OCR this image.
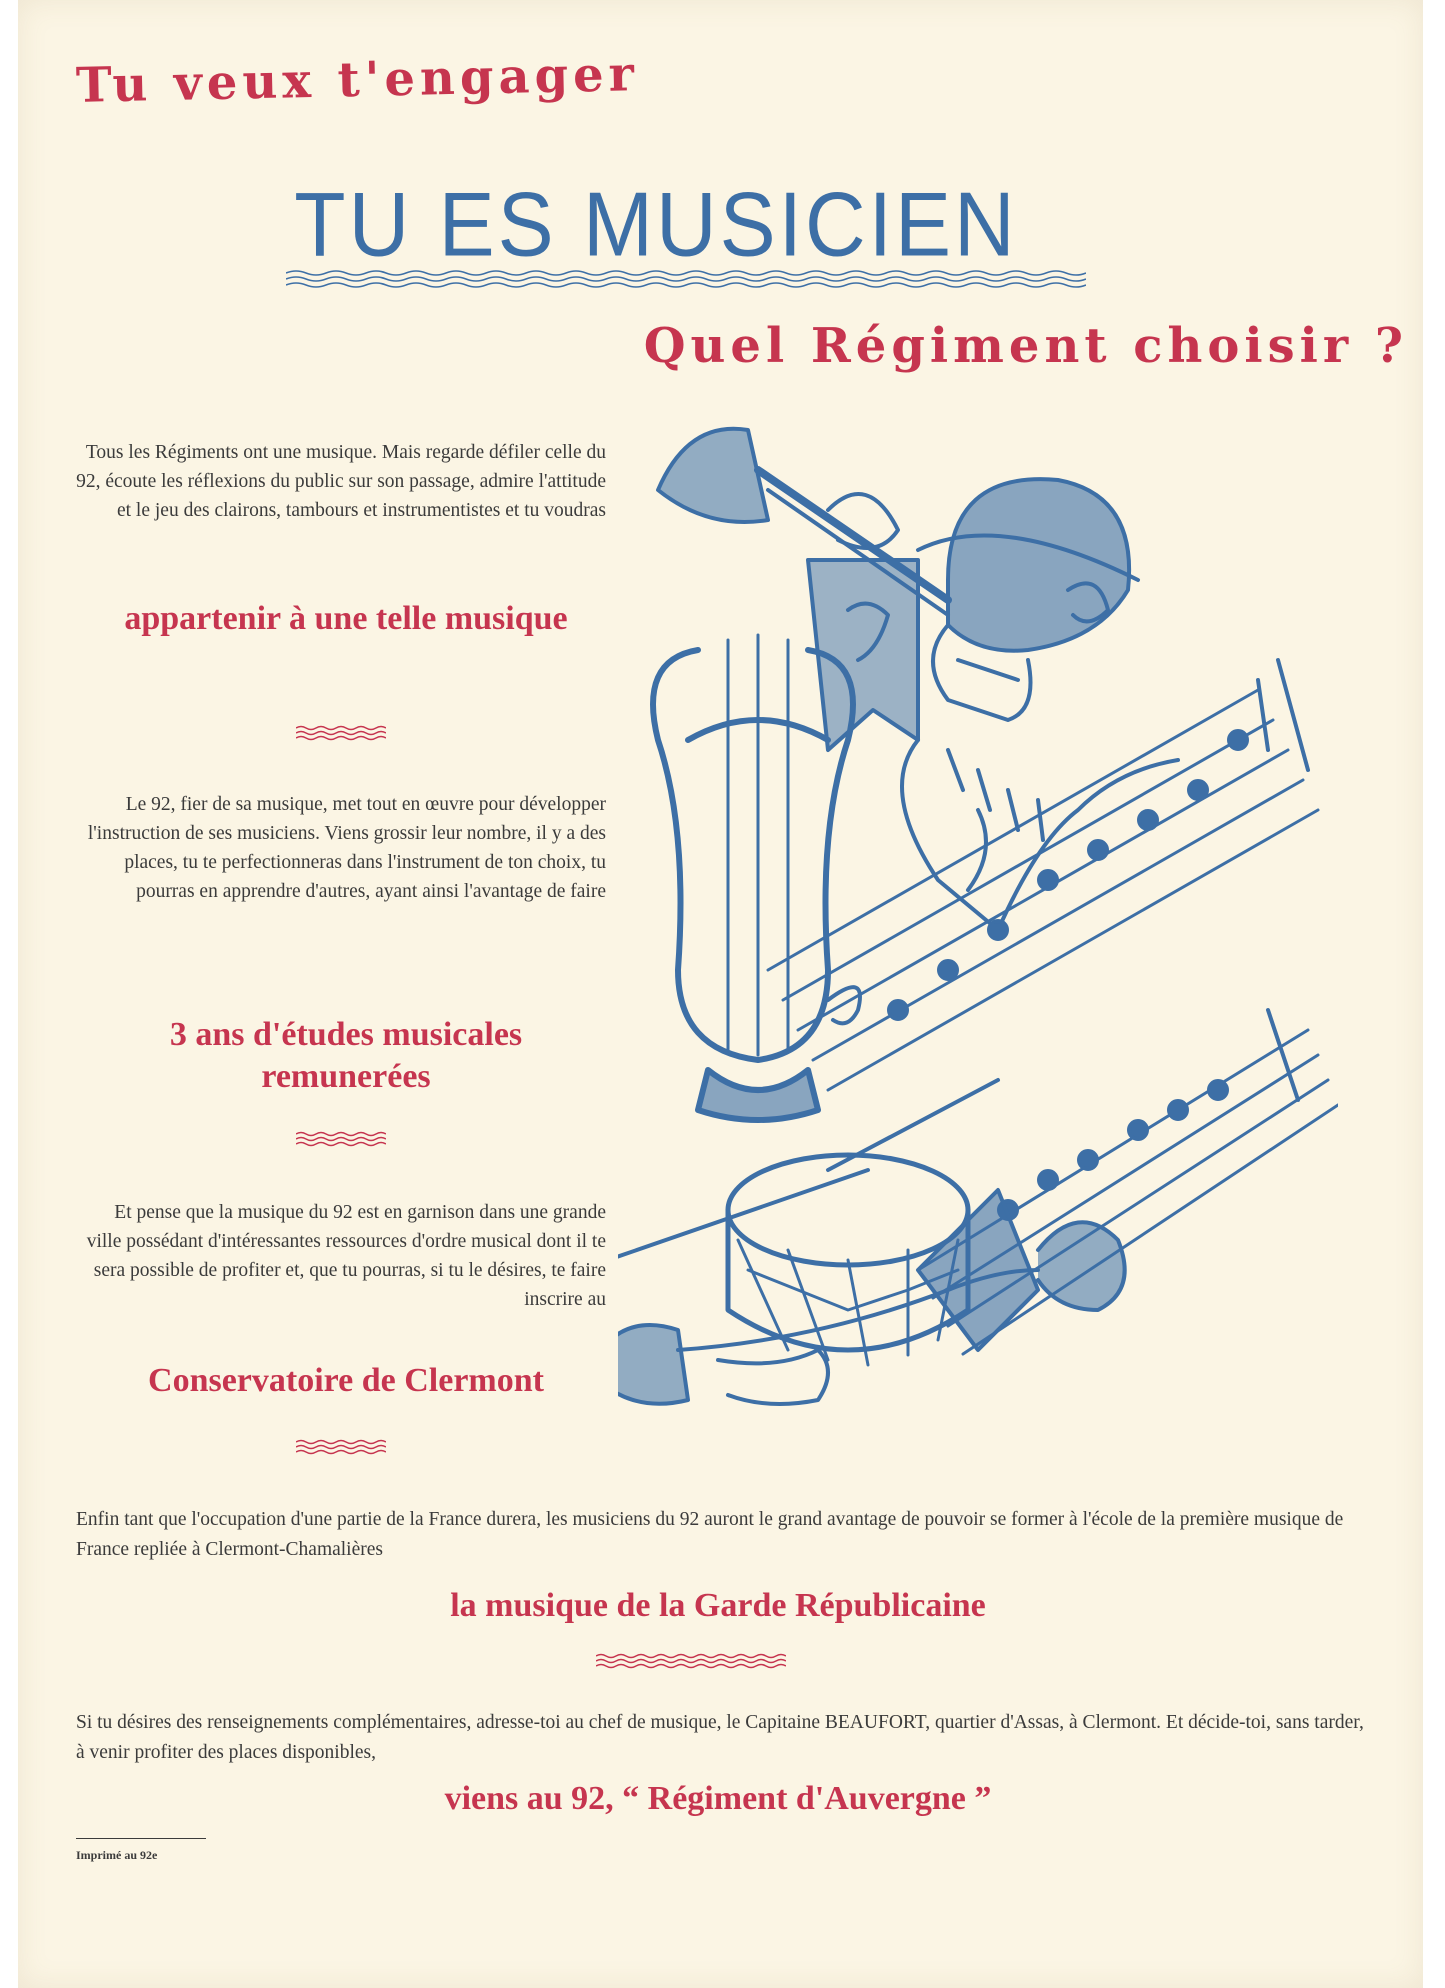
Tu veux t'engager
TU ES MUSICIEN
Quel Régiment choisir ?
Tous les Régiments ont une musique. Mais regarde défiler celle du 92, écoute les réflexions du public sur son passage, admire l'attitude et le jeu des clairons, tambours et instrumentistes et tu voudras
appartenir à une telle musique
Le 92, fier de sa musique, met tout en œuvre pour développer l'instruction de ses musiciens. Viens grossir leur nombre, il y a des places, tu te perfectionneras dans l'instrument de ton choix, tu pourras en apprendre d'autres, ayant ainsi l'avantage de faire
3 ans d'études musicales remunerées
Et pense que la musique du 92 est en garnison dans une grande ville possédant d'intéressantes ressources d'ordre musical dont il te sera possible de profiter et, que tu pourras, si tu le désires, te faire inscrire au
Conservatoire de Clermont
Enfin tant que l'occupation d'une partie de la France durera, les musiciens du 92 auront le grand avantage de pouvoir se former à l'école de la première musique de France repliée à Clermont-Chamalières
la musique de la Garde Républicaine
Si tu désires des renseignements complémentaires, adresse-toi au chef de musique, le Capitaine BEAUFORT, quartier d'Assas, à Clermont. Et décide-toi, sans tarder, à venir profiter des places disponibles,
viens au 92, “ Régiment d'Auvergne ”
Imprimé au 92e
